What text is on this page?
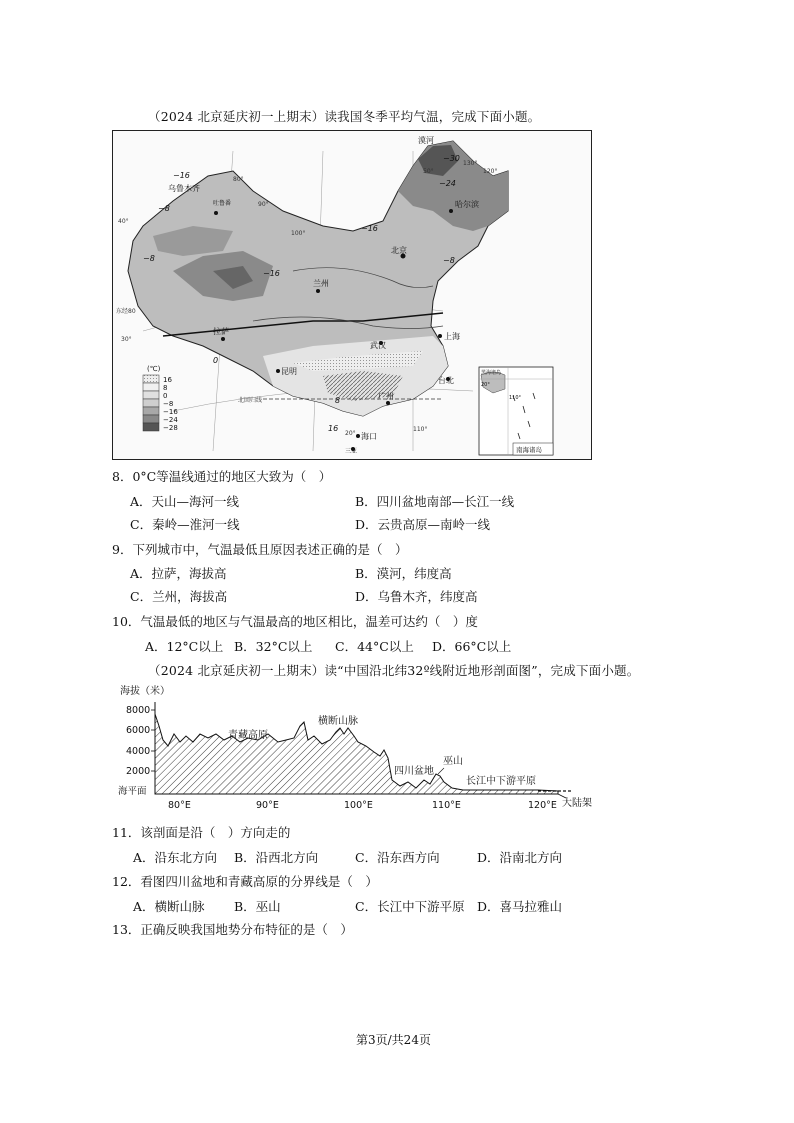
（2024 北京延庆初一上期末）读我国冬季平均气温，完成下面小题。
漠河
哈尔滨
乌鲁木齐
吐鲁番
北京
兰州
拉萨
上海
武汉
昆明
台北
广州
海口
三亚
−24
−16
−8
−16
−8
−16
−8
0
16
−30
8
80°
90°
100°
120°
130°
110°
40°
50°
30°
20°
东经80
北回归线
(℃)
16
8
0
−8
−16
−24
−28
黑海诸岛
20°
110°
南海诸岛
8．0°C等温线通过的地区大致为（　）
A．天山—海河一线	B．四川盆地南部—长江一线
C．秦岭—淮河一线	D．云贵高原—南岭一线
9．下列城市中，气温最低且原因表述正确的是（　）
A．拉萨，海拔高	B．漠河，纬度高
C．兰州，海拔高	D．乌鲁木齐，纬度高
10．气温最低的地区与气温最高的地区相比，温差可达约（　）度
A．12°C以上 B．32°C以上 C．44°C以上 D．66°C以上
（2024 北京延庆初一上期末）读“中国沿北纬32º线附近地形剖面图”，完成下面小题。
海拔（米）
8000
6000
4000
2000
海平面
青藏高原
横断山脉
四川盆地
巫山
长江中下游平原
大陆架
80°E	90°E	100°E	110°E	120°E
11．该剖面是沿（　）方向走的
A．沿东北方向 B．沿西北方向	C．沿东西方向	D．沿南北方向
12．看图四川盆地和青藏高原的分界线是（　）
A．横断山脉 B．巫山	C．长江中下游平原 D．喜马拉雅山
13．正确反映我国地势分布特征的是（　）
第3页/共24页
